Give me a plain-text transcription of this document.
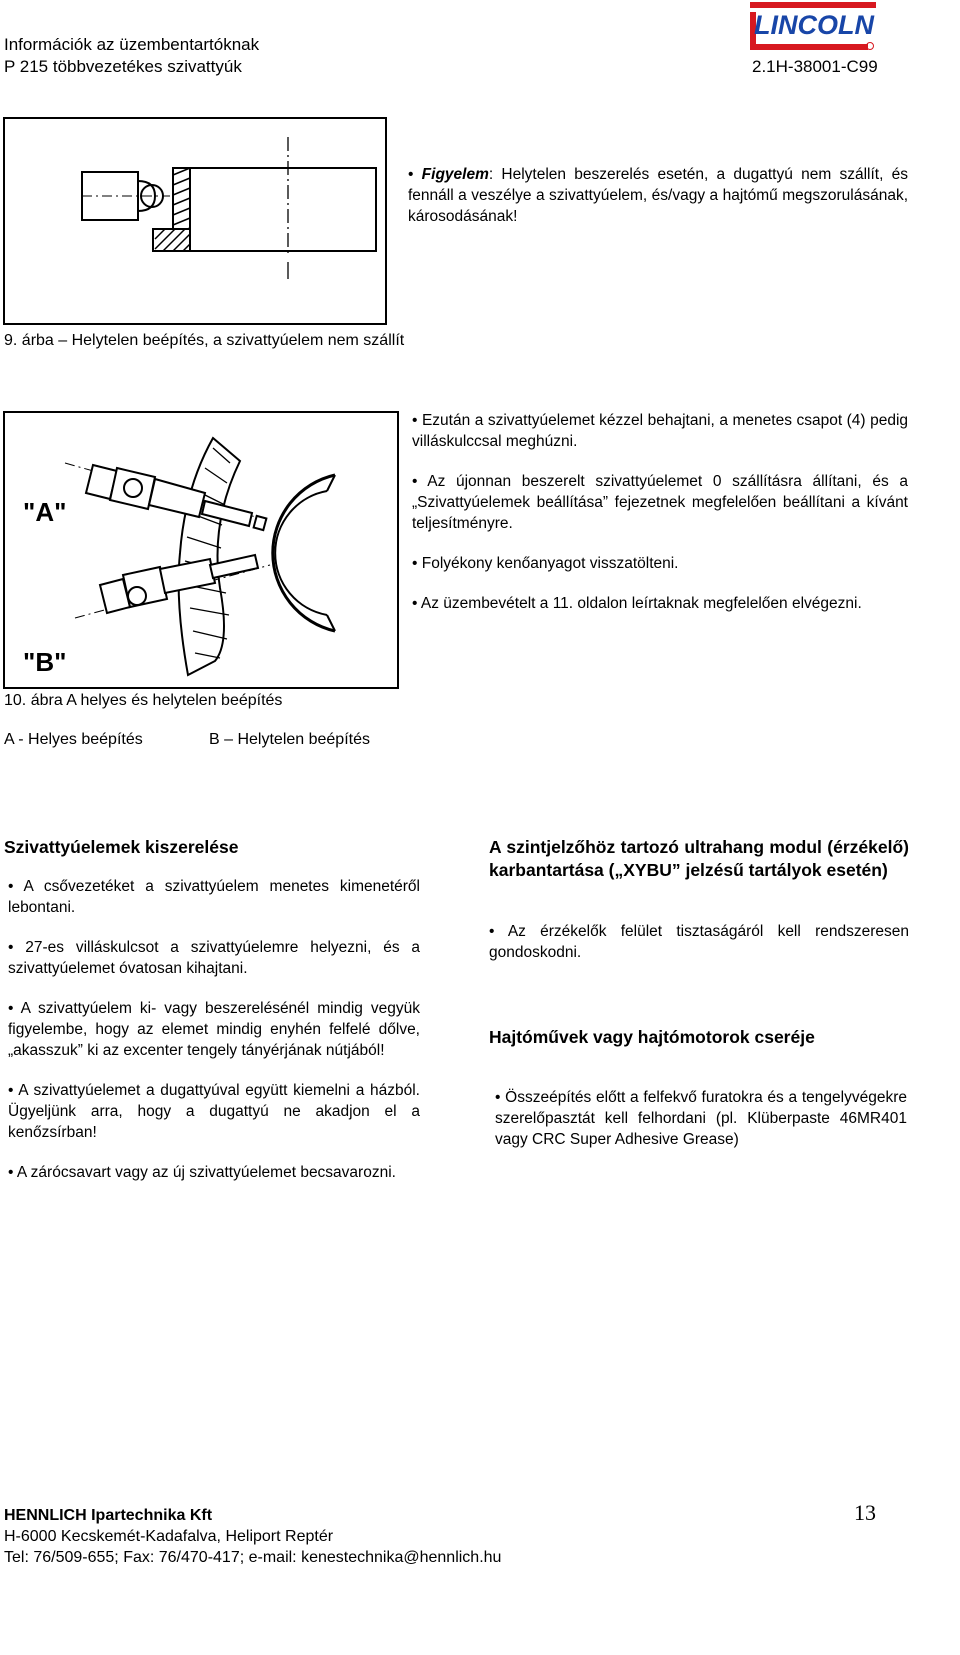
Információk az üzembentartóknak
P 215 többvezetékes szivattyúk	2.1H-38001-C99
LINCOLN
• Figyelem: Helytelen beszerelés esetén, a dugattyú nem szállít, és fennáll a veszélye a szivattyúelem, és/vagy a hajtómű megszorulásának, károsodásának!
9. árba – Helytelen beépítés, a szivattyúelem nem szállít
"A"
"B"

• Ezután a szivattyúelemet kézzel behajtani, a menetes csapot (4) pedig villáskulccsal meghúzni.

• Az újonnan beszerelt szivattyúelemet 0 szállításra állítani, és a „Szivattyúelemek beállítása” fejezetnek megfelelően beállítani a kívánt teljesítményre.

• Folyékony kenőanyagot visszatölteni.

• Az üzembevételt a 11. oldalon leírtaknak megfelelően elvégezni.

10. ábra A helyes és helytelen beépítés
A - Helyes beépítés	B – Helytelen beépítés
Szivattyúelemek kiszerelése

• A csővezetéket a szivattyúelem menetes kimenetéről lebontani.

• 27-es villáskulcsot a szivattyúelemre helyezni, és a szivattyúelemet óvatosan kihajtani.

• A szivattyúelem ki- vagy beszerelésénél mindig vegyük figyelembe, hogy az elemet mindig enyhén felfelé dőlve, „akasszuk” ki az excenter tengely tányérjának nútjából!

• A szivattyúelemet a dugattyúval együtt kiemelni a házból. Ügyeljünk arra, hogy a dugattyú ne akadjon el a kenőzsírban!

• A zárócsavart vagy az új szivattyúelemet becsavarozni.

A szintjelzőhöz tartozó ultrahang modul (érzékelő) karbantartása („XYBU” jelzésű tartályok esetén)

• Az érzékelők felület tisztaságáról kell rendszeresen gondoskodni.

Hajtóművek vagy hajtómotorok cseréje

• Összeépítés előtt a felfekvő furatokra és a tengelyvégekre szerelőpasztát kell felhordani (pl. Klüberpaste 46MR401 vagy CRC Super Adhesive Grease)

HENNLICH Ipartechnika Kft
H-6000 Kecskemét-Kadafalva, Heliport Reptér
Tel: 76/509-655; Fax: 76/470-417; e-mail: kenestechnika@hennlich.hu
13
